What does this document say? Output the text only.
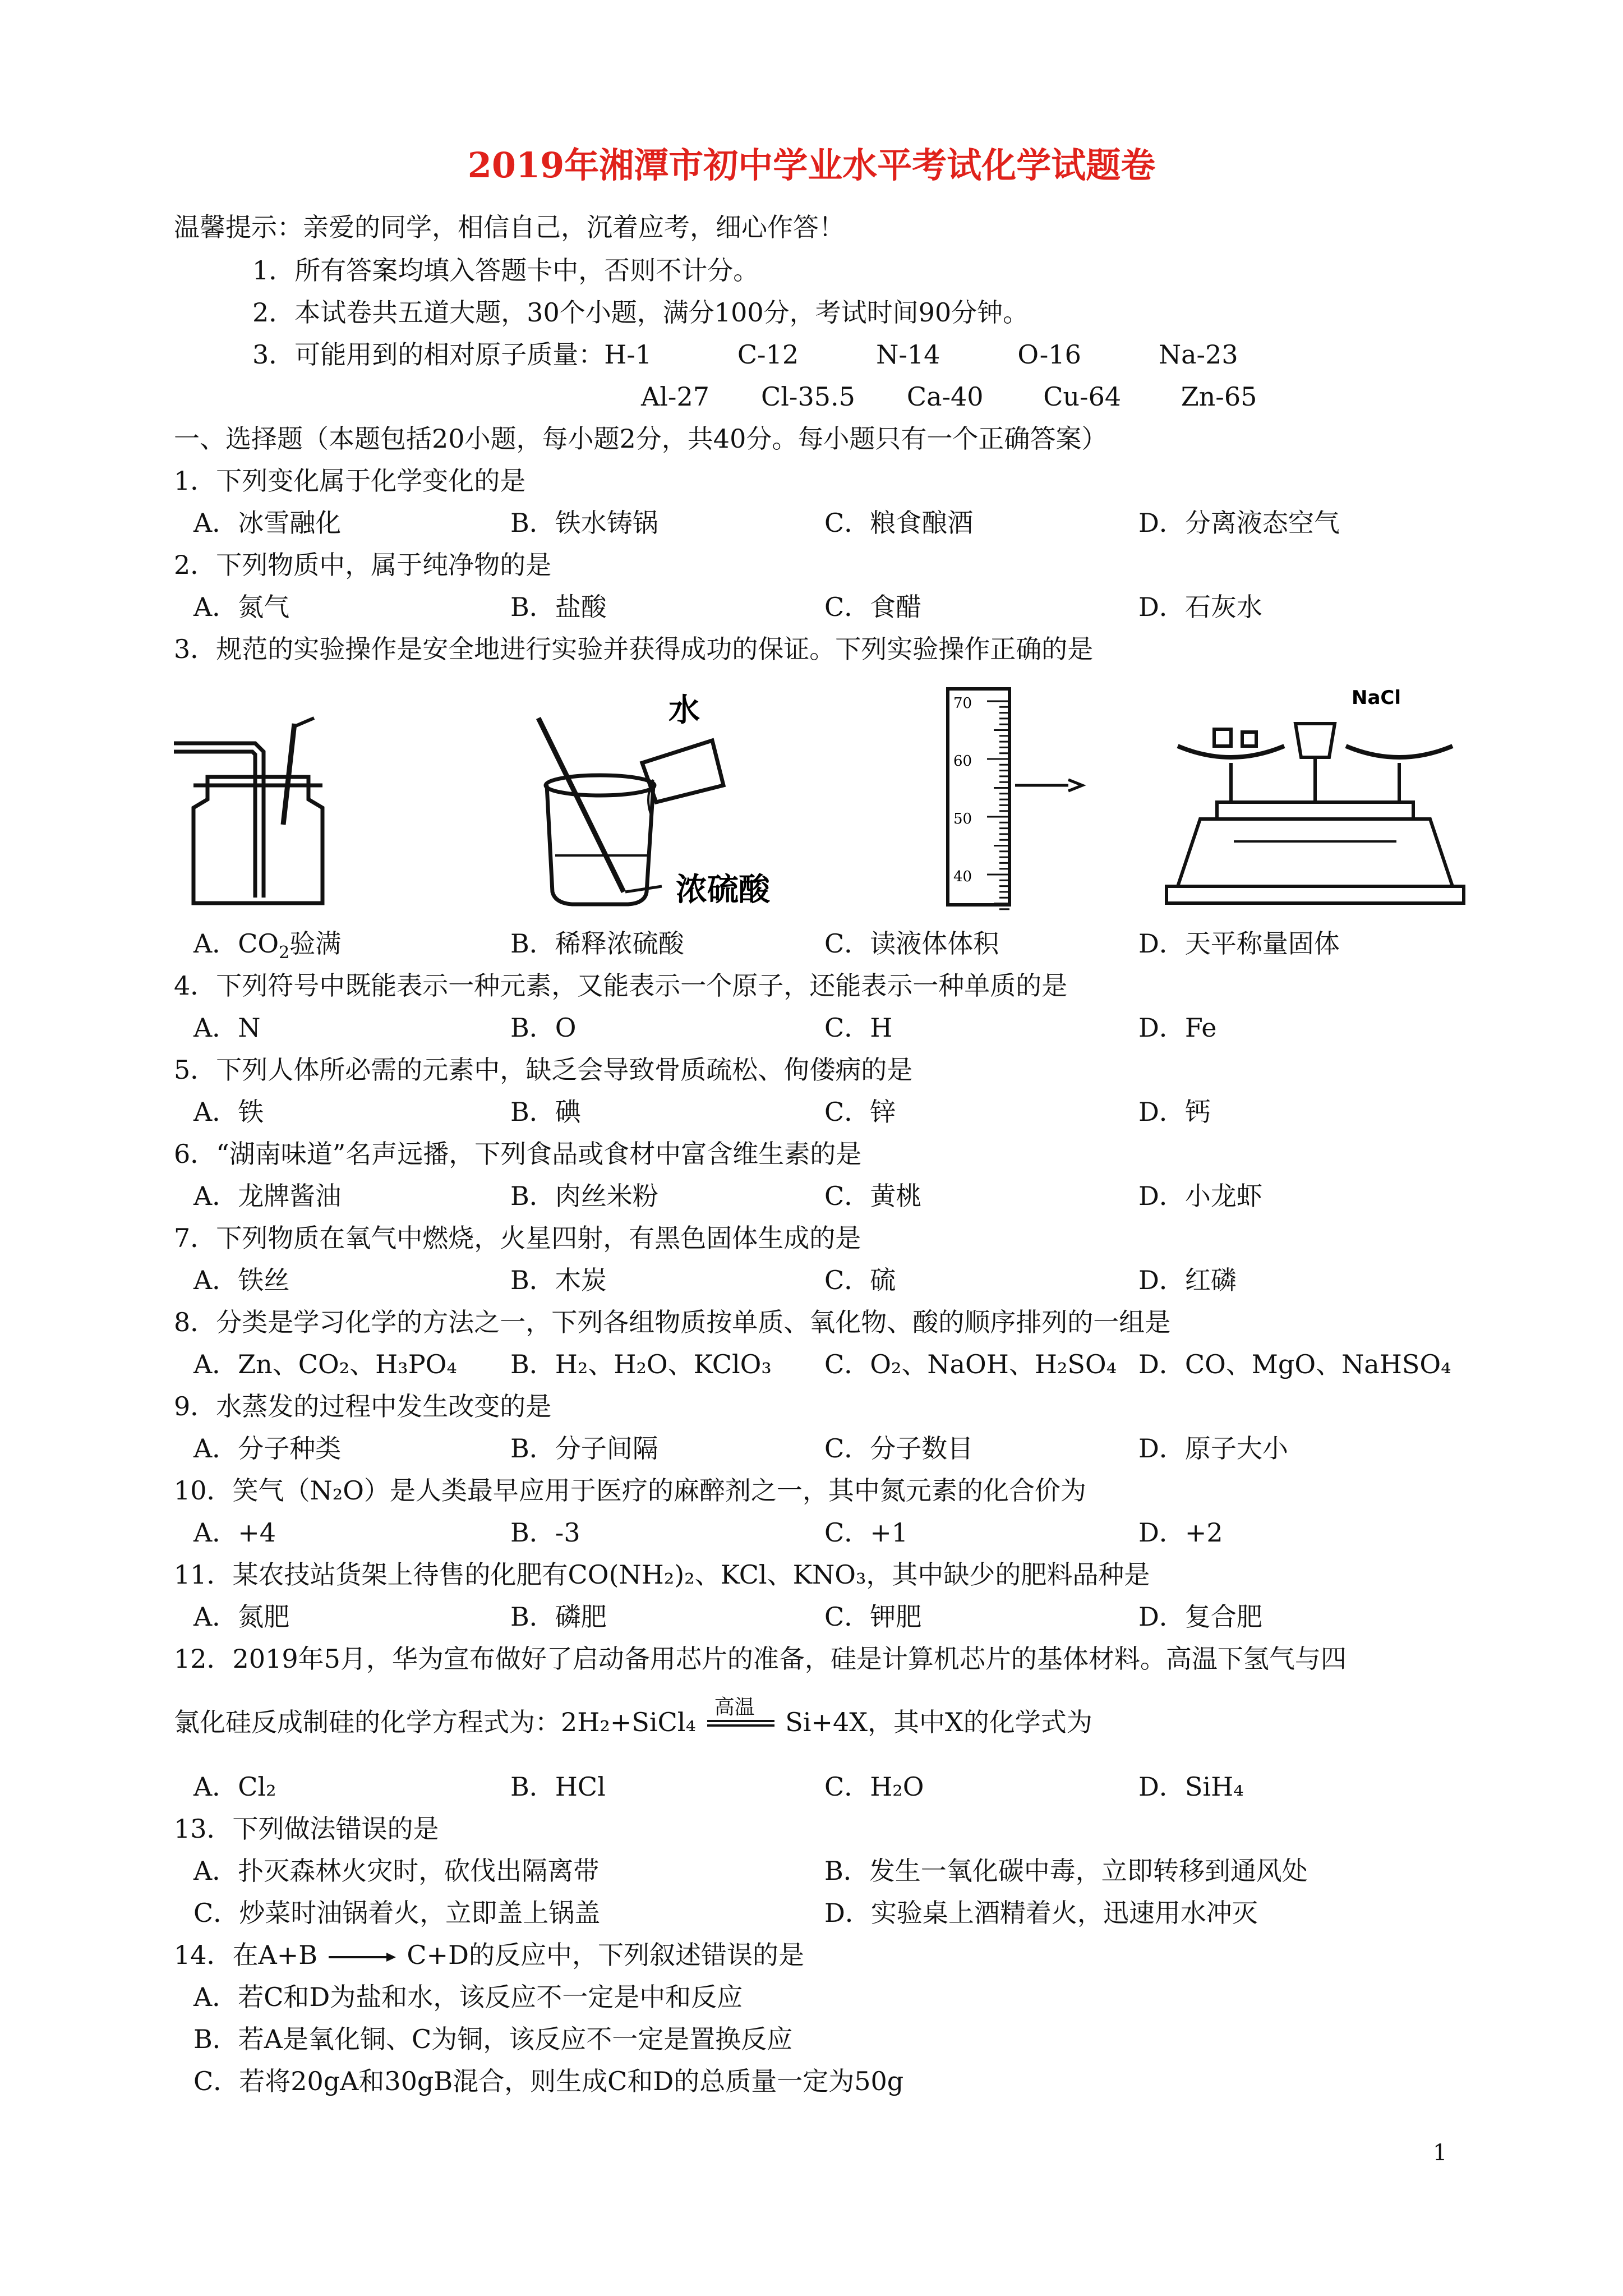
2019年湘潭市初中学业水平考试化学试题卷
温馨提示：亲爱的同学，相信自己，沉着应考，细心作答！
1．所有答案均填入答题卡中，否则不计分。
2．本试卷共五道大题，30个小题，满分100分，考试时间90分钟。
3．可能用到的相对原子质量：H-1　　　 C-12　　　N-14　　　O-16　　　Na-23
Al-27　　Cl-35.5　　Ca-40　　 Cu-64　　 Zn-65
一、选择题（本题包括20小题，每小题2分，共40分。每小题只有一个正确答案）
1．下列变化属于化学变化的是
A．冰雪融化	B．铁水铸锅	C．粮食酿酒	D．分离液态空气
2．下列物质中，属于纯净物的是
A．氮气	B．盐酸	C．食醋	D．石灰水
3．规范的实验操作是安全地进行实验并获得成功的保证。下列实验操作正确的是
水
浓硫酸
70
60
50
40
NaCl
A．$CO_2$验满	B．稀释浓硫酸	C．读液体体积	D．天平称量固体
4．下列符号中既能表示一种元素，又能表示一个原子，还能表示一种单质的是
A．N	B．O	C．H	D．Fe
5．下列人体所必需的元素中，缺乏会导致骨质疏松、佝偻病的是
A．铁	B．碘	C．锌	D．钙
6．“湖南味道”名声远播，下列食品或食材中富含维生素的是
A．龙牌酱油	B．肉丝米粉	C．黄桃	D．小龙虾
7．下列物质在氧气中燃烧，火星四射，有黑色固体生成的是
A．铁丝	B．木炭	C．硫	D．红磷
8．分类是学习化学的方法之一，下列各组物质按单质、氧化物、酸的顺序排列的一组是
A．Zn、CO₂、H₃PO₄ B．H₂、H₂O、KClO₃ C．O₂、NaOH、H₂SO₄ D．CO、MgO、NaHSO₄
9．水蒸发的过程中发生改变的是
A．分子种类	B．分子间隔	C．分子数目	D．原子大小
10．笑气（N₂O）是人类最早应用于医疗的麻醉剂之一，其中氮元素的化合价为
A．+4	B．-3	C．+1	D．+2
11．某农技站货架上待售的化肥有CO(NH₂)₂、KCl、KNO₃，其中缺少的肥料品种是
A．氮肥	B．磷肥	C．钾肥	D．复合肥
12．2019年5月，华为宣布做好了启动备用芯片的准备，硅是计算机芯片的基体材料。高温下氢气与四
氯化硅反成制硅的化学方程式为：2H₂+SiCl₄ 高温 Si+4X，其中X的化学式为
A．Cl₂	B．HCl	C．H₂O	D．SiH₄
13．下列做法错误的是
A．扑灭森林火灾时，砍伐出隔离带	B．发生一氧化碳中毒，立即转移到通风处
C．炒菜时油锅着火，立即盖上锅盖	D．实验桌上酒精着火，迅速用水冲灭
14．在A+B → C+D的反应中，下列叙述错误的是
A．若C和D为盐和水，该反应不一定是中和反应
B．若A是氧化铜、C为铜，该反应不一定是置换反应
C．若将20gA和30gB混合，则生成C和D的总质量一定为50g
1
